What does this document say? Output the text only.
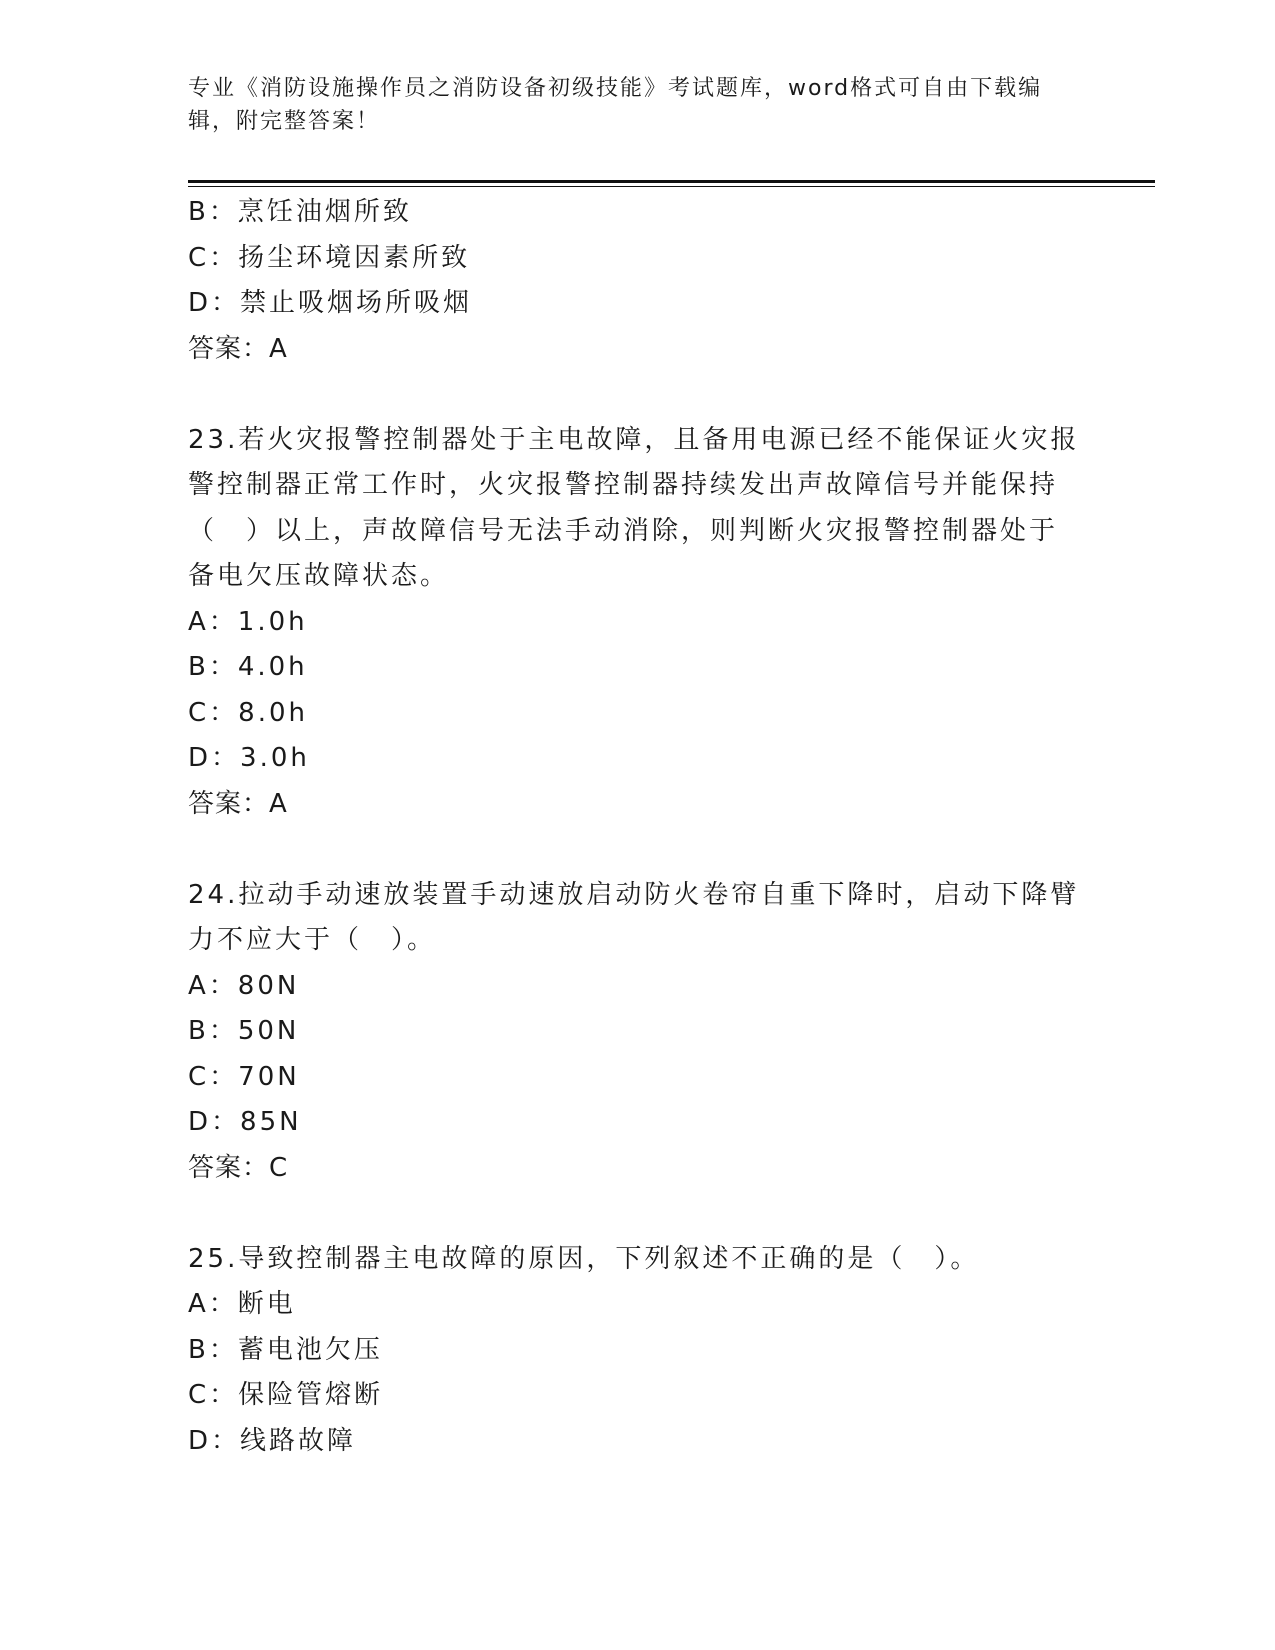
专业《消防设施操作员之消防设备初级技能》考试题库，word格式可自由下载编辑，附完整答案！
B：烹饪油烟所致
C：扬尘环境因素所致
D：禁止吸烟场所吸烟
答案：A
23.若火灾报警控制器处于主电故障，且备用电源已经不能保证火灾报
警控制器正常工作时，火灾报警控制器持续发出声故障信号并能保持
（　）以上，声故障信号无法手动消除，则判断火灾报警控制器处于
备电欠压故障状态。
A：1.0h
B：4.0h
C：8.0h
D：3.0h
答案：A
24.拉动手动速放装置手动速放启动防火卷帘自重下降时，启动下降臂
力不应大于（　）。
A：80N
B：50N
C：70N
D：85N
答案：C
25.导致控制器主电故障的原因，下列叙述不正确的是（　）。
A：断电
B：蓄电池欠压
C：保险管熔断
D：线路故障
